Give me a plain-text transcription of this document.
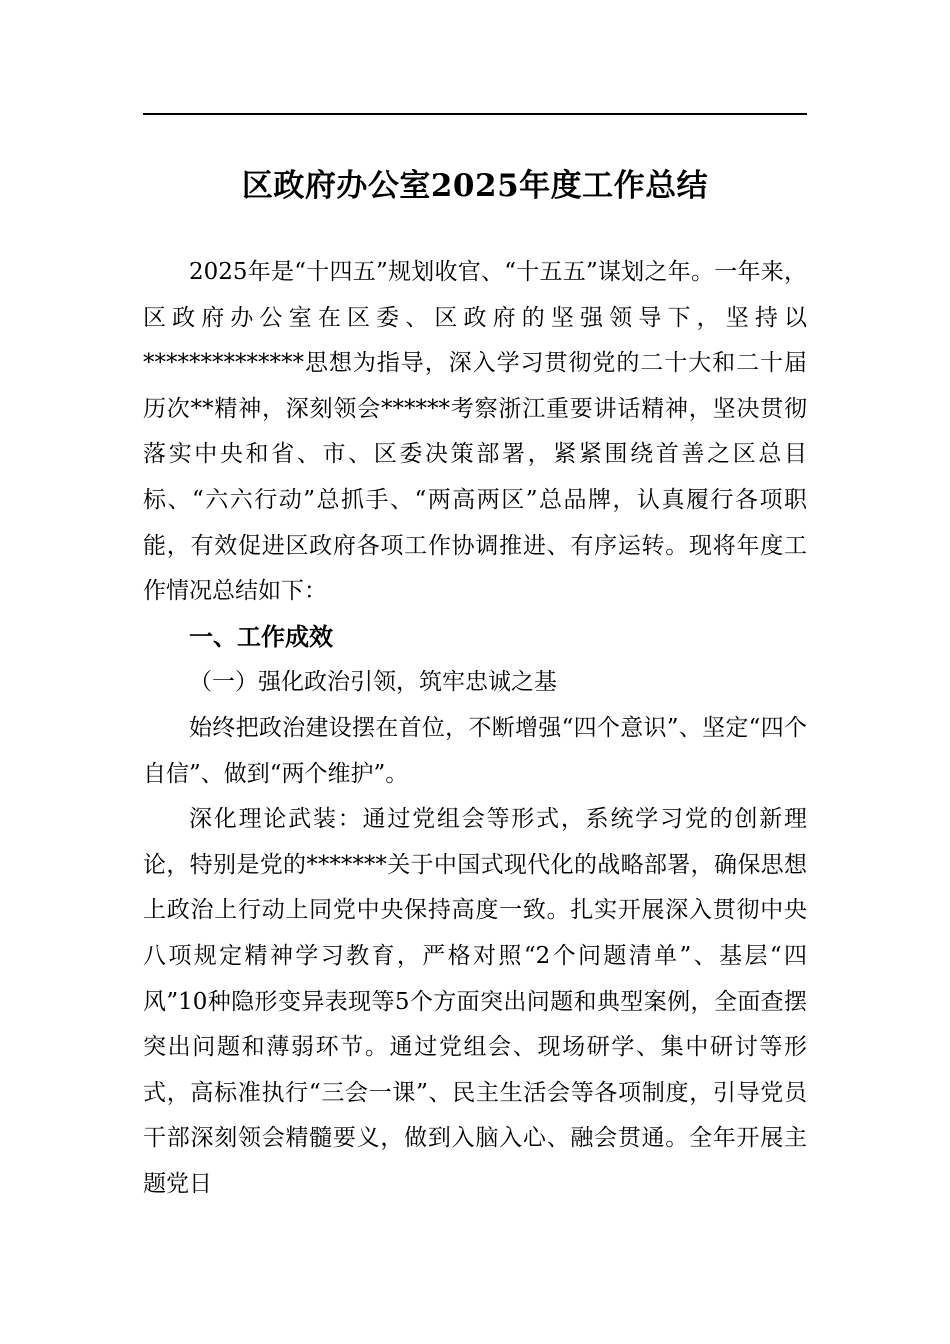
区政府办公室2025年度工作总结

2025年是“十四五”规划收官、“十五五”谋划之年。一年来，区政府办公室在区委、区政府的坚强领导下，坚持以**************思想为指导，深入学习贯彻党的二十大和二十届历次**精神，深刻领会******考察浙江重要讲话精神，坚决贯彻落实中央和省、市、区委决策部署，紧紧围绕首善之区总目标、“六六行动”总抓手、“两高两区”总品牌，认真履行各项职能，有效促进区政府各项工作协调推进、有序运转。现将年度工作情况总结如下：

一、工作成效
（一）强化政治引领，筑牢忠诚之基

始终把政治建设摆在首位，不断增强“四个意识”、坚定“四个自信”、做到“两个维护”。

深化理论武装：通过党组会等形式，系统学习党的创新理论，特别是党的*******关于中国式现代化的战略部署，确保思想上政治上行动上同党中央保持高度一致。扎实开展深入贯彻中央八项规定精神学习教育，严格对照“2个问题清单”、基层“四风”10种隐形变异表现等5个方面突出问题和典型案例，全面查摆突出问题和薄弱环节。通过党组会、现场研学、集中研讨等形式，高标准执行“三会一课”、民主生活会等各项制度，引导党员干部深刻领会精髓要义，做到入脑入心、融会贯通。全年开展主题党日
